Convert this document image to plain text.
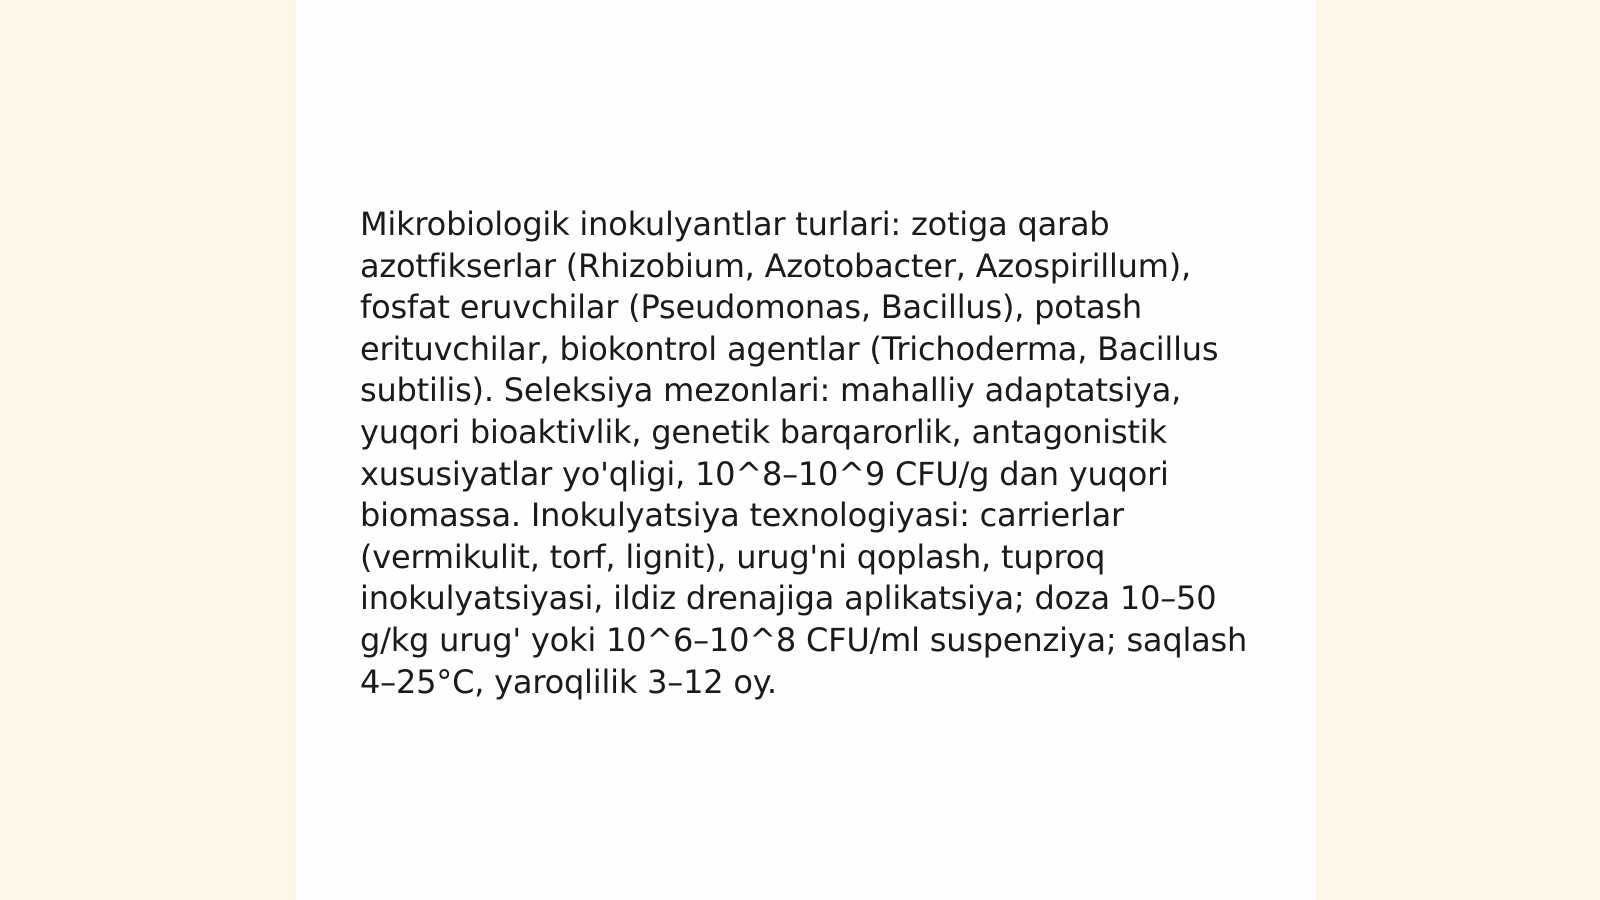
Mikrobiologik inokulyantlar turlari: zotiga qarab azotfikserlar (Rhizobium, Azotobacter, Azospirillum), fosfat eruvchilar (Pseudomonas, Bacillus), potash erituvchilar, biokontrol agentlar (Trichoderma, Bacillus subtilis). Seleksiya mezonlari: mahalliy adaptatsiya, yuqori bioaktivlik, genetik barqarorlik, antagonistik xususiyatlar yo'qligi, 10^8–10^9 CFU/g dan yuqori biomassa. Inokulyatsiya texnologiyasi: carrierlar (vermikulit, torf, lignit), urug'ni qoplash, tuproq inokulyatsiyasi, ildiz drenajiga aplikatsiya; doza 10–50 g/kg urug' yoki 10^6–10^8 CFU/ml suspenziya; saqlash 4–25°C, yaroqlilik 3–12 oy.
